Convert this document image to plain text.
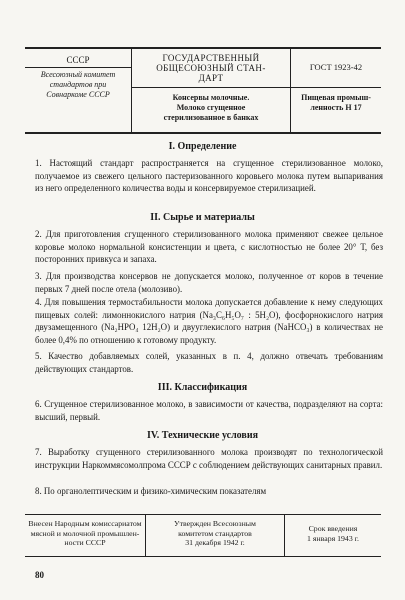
СССР
Всесоюзный комитет
стандартов при
Совнаркоме СССР
ГОСУДАРСТВЕННЫЙ
ОБЩЕСОЮЗНЫЙ СТАН-
ДАРТ
Консервы молочные.
Молоко сгущенное
стерилизованное в банках
ГОСТ 1923-42
Пищевая промыш-
ленность Н 17
I. Определение
1. Настоящий стандарт распространяется на сгущенное стерилизованное молоко, получаемое из свежего цельного пастеризованного коровьего молока путем выпаривания из него определенного количества воды и консервируемое стерилизацией.
II. Сырье и материалы
2. Для приготовления сгущенного стерилизованного молока применяют свежее цельное коровье молоко нормальной консистенции и цвета, с кислотностью не более 20° Т, без посторонних привкуса и запаха.
3. Для производства консервов не допускается молоко, полученное от коров в течение первых 7 дней после отела (молозиво).
4. Для повышения термостабильности молока допускается добавление к нему следующих пищевых солей: лимоннокислого натрия (Na₃C₆H₅O₇ : 5H₂O), фосфорнокислого натрия двузамещенного (Na₂HPO₄ 12H₂O) и двууглекислого натрия (NaHCO₃) в количествах не более 0,4% по отношению к готовому продукту.
5. Качество добавляемых солей, указанных в п. 4, должно отвечать требованиям действующих стандартов.
III. Классификация
6. Сгущенное стерилизованное молоко, в зависимости от качества, подразделяют на сорта: высший, первый.
IV. Технические условия
7. Выработку сгущенного стерилизованного молока производят по технологической инструкции Наркоммясомолпрома СССР с соблюдением действующих санитарных правил.
8. По органолептическим и физико-химическим показателям
Внесен Народным комиссариатом
мясной и молочной промышлен-
ности СССР
Утвержден Всесоюзным
комитетом стандартов
31 декабря 1942 г.
Срок введения
1 января 1943 г.
80
